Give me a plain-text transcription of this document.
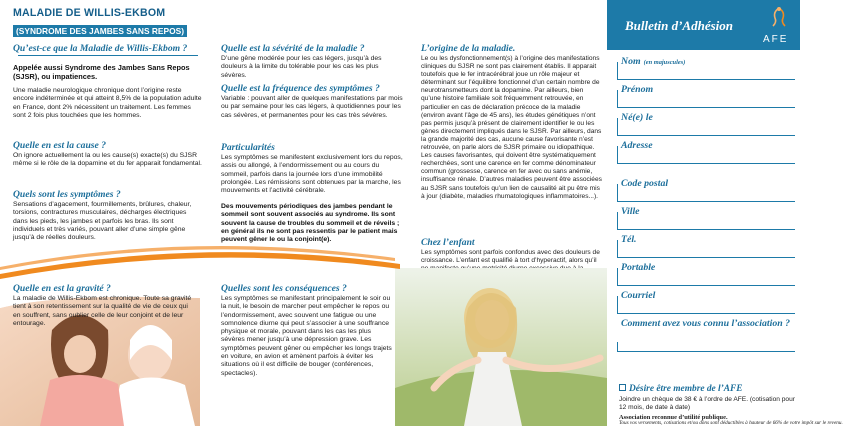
MALADIE DE WILLIS-EKBOM
(SYNDROME DES JAMBES SANS REPOS)
Qu’est-ce que la Maladie de Willis-Ekbom ?
Appelée aussi Syndrome des Jambes Sans Repos (SJSR), ou impatiences.
Une maladie neurologique chronique dont l’origine reste encore indéterminée et qui atteint 8,5% de la population adulte en France, dont 2% nécessitent un traitement. Les femmes sont 2 fois plus touchées que les hommes.
Quelle en est la cause ?
On ignore actuellement la ou les cause(s) exacte(s) du SJSR même si le rôle de la dopamine et du fer apparait fondamental.
Quels sont les symptômes ?
Sensations d’agacement, fourmillements, brûlures, chaleur, torsions, contractures musculaires, décharges électriques dans les pieds, les jambes et parfois les bras. Ils sont individuels et très variés, pouvant aller d’une simple gêne jusqu’à de réelles douleurs.
Quelle est la sévérité de la maladie ?
D’une gêne modérée pour les cas légers, jusqu’à des douleurs à la limite du tolérable pour les cas les plus sévères.
Quelle est la fréquence des symptômes ?
Variable : pouvant aller de quelques manifestations par mois ou par semaine pour les cas légers, à quotidiennes pour les cas sévères, et permanentes pour les cas très sévères.
Particularités
Les symptômes se manifestent exclusivement lors du repos, assis ou allongé, à l’endormissement ou au cours du sommeil, parfois dans la journée lors d’une immobilité prolongée. Les rémissions sont obtenues par la marche, les mouvements et l’activité cérébrale.
Des mouvements périodiques des jambes pendant le sommeil sont souvent associés au syndrome. Ils sont souvent la cause de troubles du sommeil et de réveils ; en général ils ne sont pas ressentis par le patient mais peuvent gêner le ou la conjoint(e).
L’origine de la maladie.
Le ou les dysfonctionnement(s) à l’origine des manifestations cliniques du SJSR ne sont pas clairement établis. Il apparait toutefois que le fer intracérébral joue un rôle majeur et déterminant sur l’équilibre fonctionnel d’un certain nombre de neurotransmetteurs dont la dopamine. Par ailleurs, bien qu’une histoire familiale soit fréquemment retrouvée, en particulier en cas de déclaration précoce de la maladie (environ avant l’âge de 45 ans), les études génétiques n’ont pas permis jusqu’à présent de clairement identifier le ou les gènes directement impliqués dans le SJSR. Par ailleurs, dans la grande majorité des cas, aucune cause favorisante n’est retrouvée, on parle alors de SJSR primaire ou idiopathique. Les causes favorisantes, qui doivent être systématiquement recherchées, sont une carence en fer comme dénominateur commun (grossesse, carence en fer avec ou sans anémie, insuffisance rénale. D’autres maladies peuvent être associées au SJSR sans toutefois qu’un lien de causalité ait pu être mis à jour (diabète, maladies rhumatologiques inflammatoires...).
Chez l’enfant
Les symptômes sont parfois confondus avec des douleurs de croissance. L’enfant est qualifié à tort d’hyperactif, alors qu’il
Quelle en est la gravité ?
La maladie de Willis-Ekbom est chronique. Toute sa gravité tient à son retentissement sur la qualité de vie de ceux qui en souffrent, sans oublier celle de leur conjoint et de leur entourage.
Quelles sont les conséquences ?
Les symptômes se manifestant principalement le soir ou la nuit, le besoin de marcher peut empêcher le repos ou l’endormissement, avec souvent une fatigue ou une somnolence diurne qui peut s’associer à une souffrance physique et morale, pouvant dans les cas les plus sévères mener jusqu’à une dépression grave. Les symptômes peuvent gêner ou empêcher les longs trajets en voiture, en avion et amènent parfois à éviter les situations où il est difficile de bouger (conférences, spectacles).
Bulletin d’Adhésion
AFE
Nom (en majuscules)
Prénom
Né(e) le
Adresse
Code postal
Ville
Tél.
Portable
Courriel
Comment avez vous connu l’association ?
Désire être membre de l’AFE
Joindre un chèque de 38 € à l’ordre de AFE. (cotisation pour 12 mois, de date à date)
Association reconnue d’utilité publique.
Tous vos versements, cotisations et/ou dons sont déductibles à hauteur de 66% de votre impôt sur le revenu.
